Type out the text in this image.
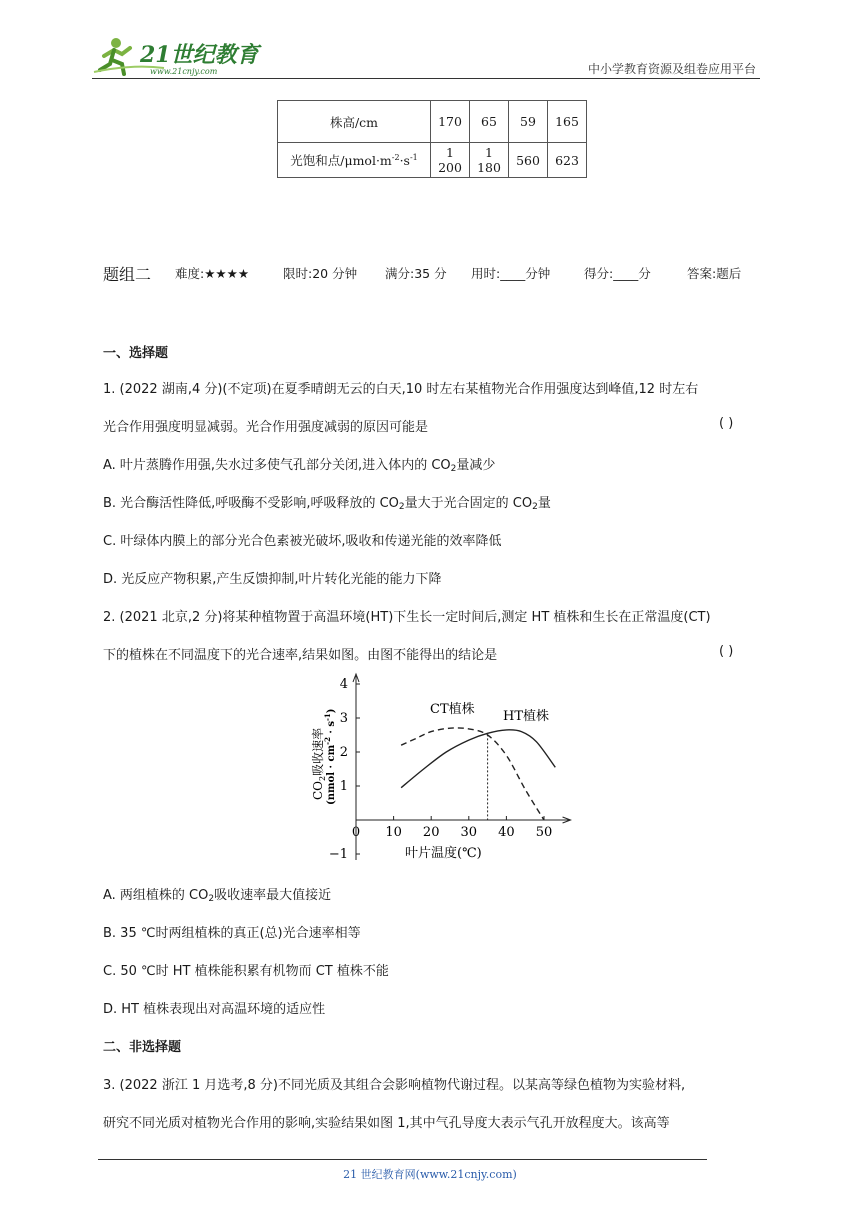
21世纪教育
www.21cnjy.com	中小学教育资源及组卷应用平台
株高/cm	170	65	59	165
光饱和点$/\mu mol\cdot m^{-2}\cdot s^{-1}$	1 200	1 180	560	623
题组二 难度:★★★★	限时:20 分钟 满分:35 分 用时:____分钟	得分:____分	答案:题后
一、选择题
1. (2022 湖南,4 分)(不定项)在夏季晴朗无云的白天,10 时左右某植物光合作用强度达到峰值,12 时左右
光合作用强度明显减弱。光合作用强度减弱的原因可能是	( )
A. 叶片蒸腾作用强,失水过多使气孔部分关闭,进入体内的 $CO_2$量减少
B. 光合酶活性降低,呼吸酶不受影响,呼吸释放的 $CO_2$量大于光合固定的 $CO_2$量
C. 叶绿体内膜上的部分光合色素被光破坏,吸收和传递光能的效率降低
D. 光反应产物积累,产生反馈抑制,叶片转化光能的能力下降
2. (2021 北京,2 分)将某种植物置于高温环境(HT)下生长一定时间后,测定 HT 植株和生长在正常温度(CT)
下的植株在不同温度下的光合速率,结果如图。由图不能得出的结论是	( )
−1
1
2
3
4
0 10 20 30 40 50
$CO_2$吸收速率 (nmol · $cm^{-2} \cdot s^{-1}$)
叶片温度(℃)
CT植株 HT植株
A. 两组植株的 $CO_2$吸收速率最大值接近
B. 35 ℃时两组植株的真正(总)光合速率相等
C. 50 ℃时 HT 植株能积累有机物而 CT 植株不能
D. HT 植株表现出对高温环境的适应性
二、非选择题
3. (2022 浙江 1 月选考,8 分)不同光质及其组合会影响植物代谢过程。以某高等绿色植物为实验材料,
研究不同光质对植物光合作用的影响,实验结果如图 1,其中气孔导度大表示气孔开放程度大。该高等
21 世纪教育网(www.21cnjy.com)
